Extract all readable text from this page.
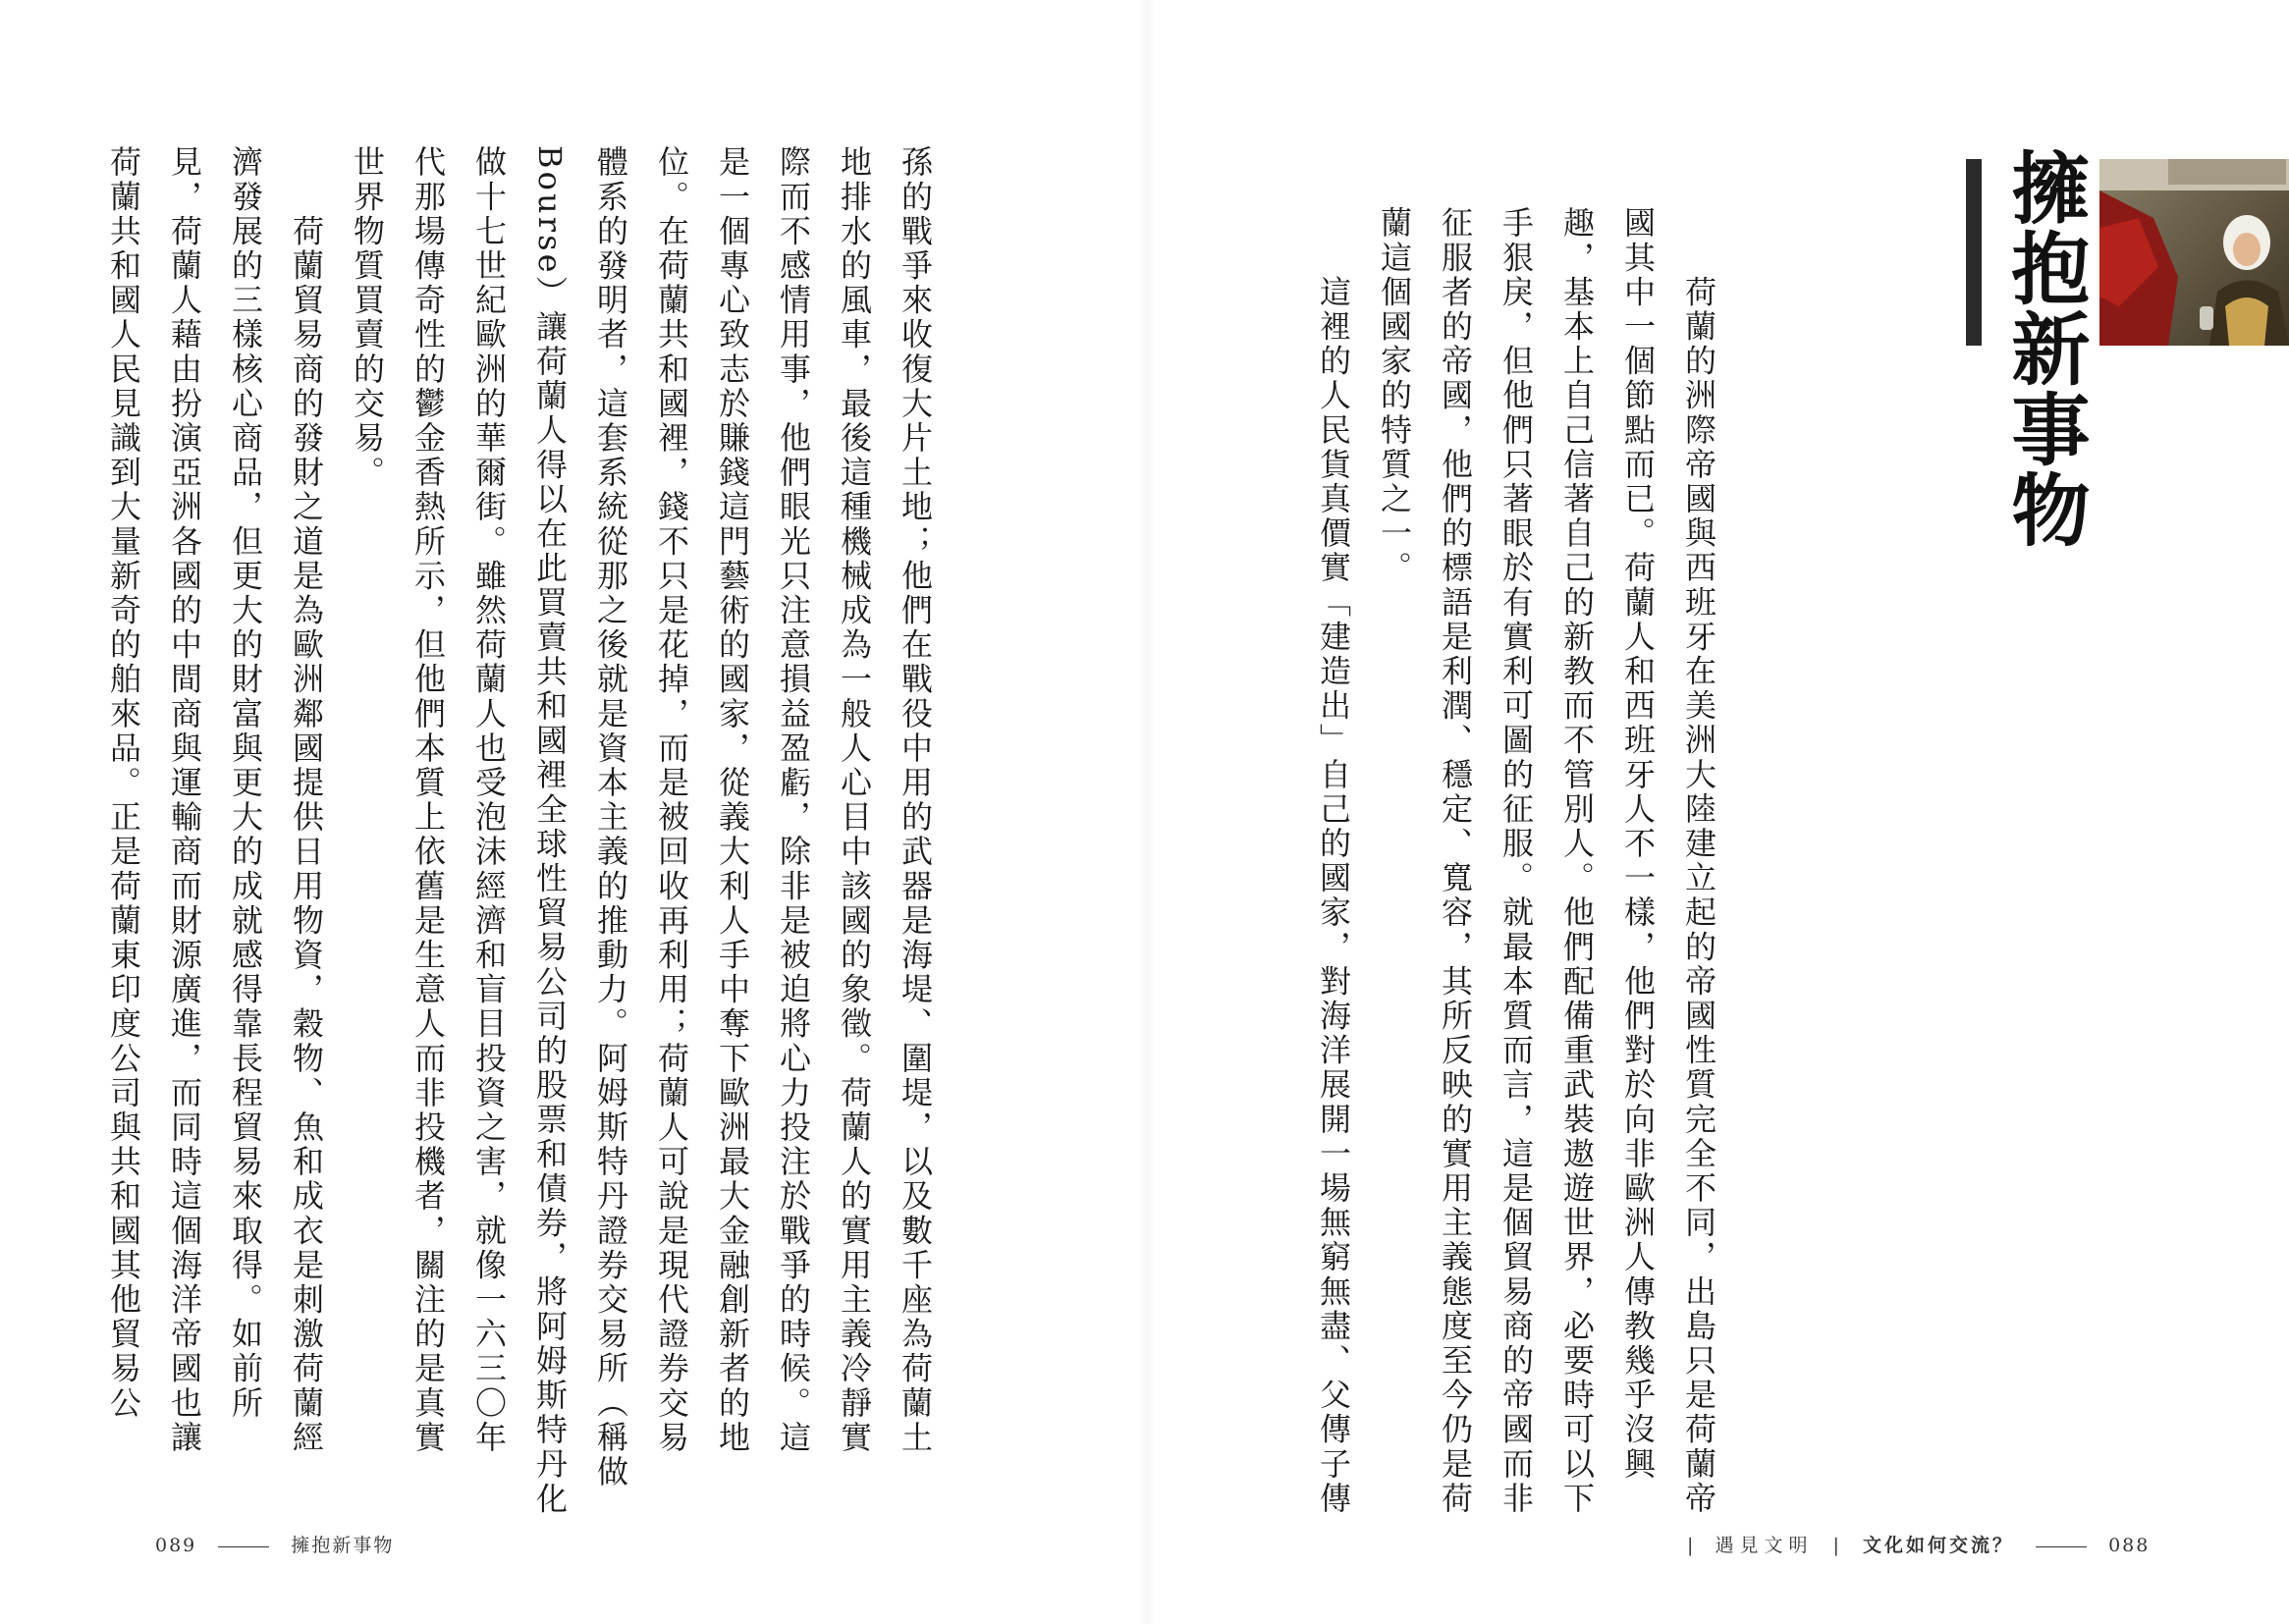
荷蘭共和國人民見識到大量新奇的舶來品。正是荷蘭東印度公司與共和國其他貿易公 見，荷蘭人藉由扮演亞洲各國的中間商與運輸商而財源廣進，而同時這個海洋帝國也讓 濟發展的三樣核心商品，但更大的財富與更大的成就感得靠長程貿易來取得。如前所 　　荷蘭貿易商的發財之道是為歐洲鄰國提供日用物資，穀物、魚和成衣是刺激荷蘭經 世界物質買賣的交易。 代那場傳奇性的鬱金香熱所示，但他們本質上依舊是生意人而非投機者，關注的是真實 做十七世紀歐洲的華爾街。雖然荷蘭人也受泡沫經濟和盲目投資之害，就像一六三〇年 Bourse）讓荷蘭人得以在此買賣共和國裡全球性貿易公司的股票和債券，將阿姆斯特丹化 體系的發明者，這套系統從那之後就是資本主義的推動力。阿姆斯特丹證券交易所（稱做 位。在荷蘭共和國裡，錢不只是花掉，而是被回收再利用；荷蘭人可說是現代證券交易 是一個專心致志於賺錢這門藝術的國家，從義大利人手中奪下歐洲最大金融創新者的地 際而不感情用事，他們眼光只注意損益盈虧，除非是被迫將心力投注於戰爭的時候。這 地排水的風車，最後這種機械成為一般人心目中該國的象徵。荷蘭人的實用主義冷靜實 孫的戰爭來收復大片土地；他們在戰役中用的武器是海堤、圍堤，以及數千座為荷蘭土
089	擁抱新事物
擁抱新事物
　　荷蘭的洲際帝國與西班牙在美洲大陸建立起的帝國性質完全不同，出島只是荷蘭帝
國其中一個節點而已。荷蘭人和西班牙人不一樣，他們對於向非歐洲人傳教幾乎沒興
趣，基本上自己信著自己的新教而不管別人。他們配備重武裝遨遊世界，必要時可以下
手狠戾，但他們只著眼於有實利可圖的征服。就最本質而言，這是個貿易商的帝國而非
征服者的帝國，他們的標語是利潤、穩定、寬容，其所反映的實用主義態度至今仍是荷
蘭這個國家的特質之一。
　　這裡的人民貨真價實「建造出」自己的國家，對海洋展開一場無窮無盡、父傳子傳
| 遇見文明 | 文化如何交流？	088
